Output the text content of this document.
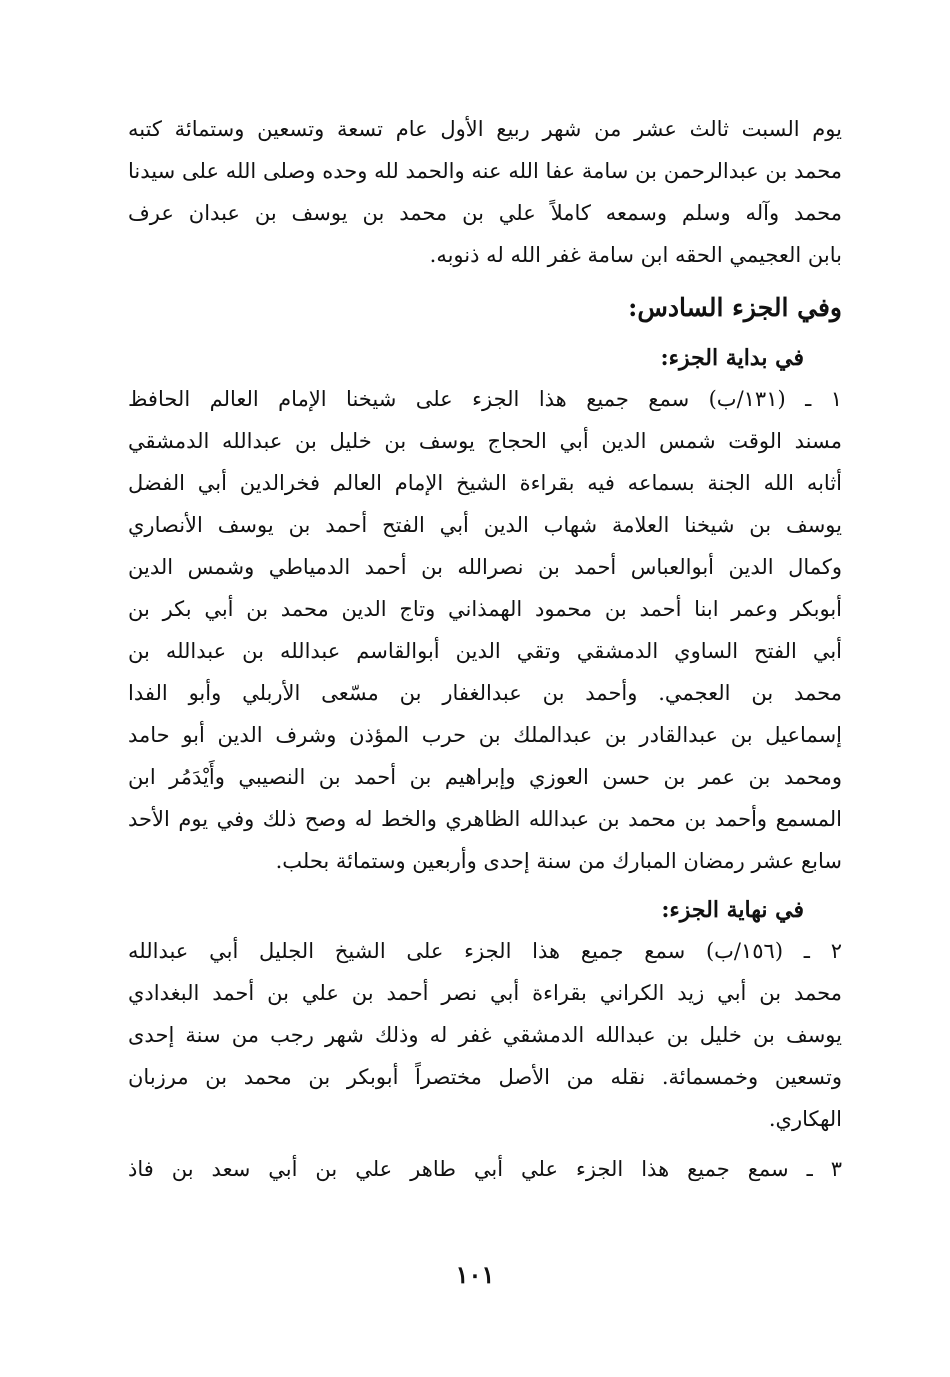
يوم السبت ثالث عشر من شهر ربيع الأول عام تسعة وتسعين وستمائة كتبه
محمد بن عبدالرحمن بن سامة عفا الله عنه والحمد لله وحده وصلى الله على سيدنا
محمد وآله وسلم وسمعه كاملاً علي بن محمد بن يوسف بن عبدان عرف
بابن العجيمي الحقه ابن سامة غفر الله له ذنوبه.
وفي الجزء السادس:
في بداية الجزء:
١ ـ (١٣١/ب) سمع جميع هذا الجزء على شيخنا الإمام العالم الحافظ
مسند الوقت شمس الدين أبي الحجاج يوسف بن خليل بن عبدالله الدمشقي
أثابه الله الجنة بسماعه فيه بقراءة الشيخ الإمام العالم فخرالدين أبي الفضل
يوسف بن شيخنا العلامة شهاب الدين أبي الفتح أحمد بن يوسف الأنصاري
وكمال الدين أبوالعباس أحمد بن نصرالله بن أحمد الدمياطي وشمس الدين
أبوبكر وعمر ابنا أحمد بن محمود الهمذاني وتاج الدين محمد بن أبي بكر بن
أبي الفتح الساوي الدمشقي وتقي الدين أبوالقاسم عبدالله بن عبدالله بن
محمد بن العجمي. وأحمد بن عبدالغفار بن مسّعى الأربلي وأبو الفدا
إسماعيل بن عبدالقادر بن عبدالملك بن حرب المؤذن وشرف الدين أبو حامد
ومحمد بن عمر بن حسن العوزي وإبراهيم بن أحمد بن النصيبي وأَيْدَمُر ابن
المسمع وأحمد بن محمد بن عبدالله الظاهري والخط له وصح ذلك وفي يوم الأحد
سابع عشر رمضان المبارك من سنة إحدى وأربعين وستمائة بحلب.
في نهاية الجزء:
٢ ـ (١٥٦/ب) سمع جميع هذا الجزء على الشيخ الجليل أبي عبدالله
محمد بن أبي زيد الكراني بقراءة أبي نصر أحمد بن علي بن أحمد البغدادي
يوسف بن خليل بن عبدالله الدمشقي غفر له وذلك شهر رجب من سنة إحدى
وتسعين وخمسمائة. نقله من الأصل مختصراً أبوبكر بن محمد بن مرزبان
الهكاري.
٣ ـ سمع جميع هذا الجزء علي أبي طاهر علي بن أبي سعد بن فاذ
١٠١
